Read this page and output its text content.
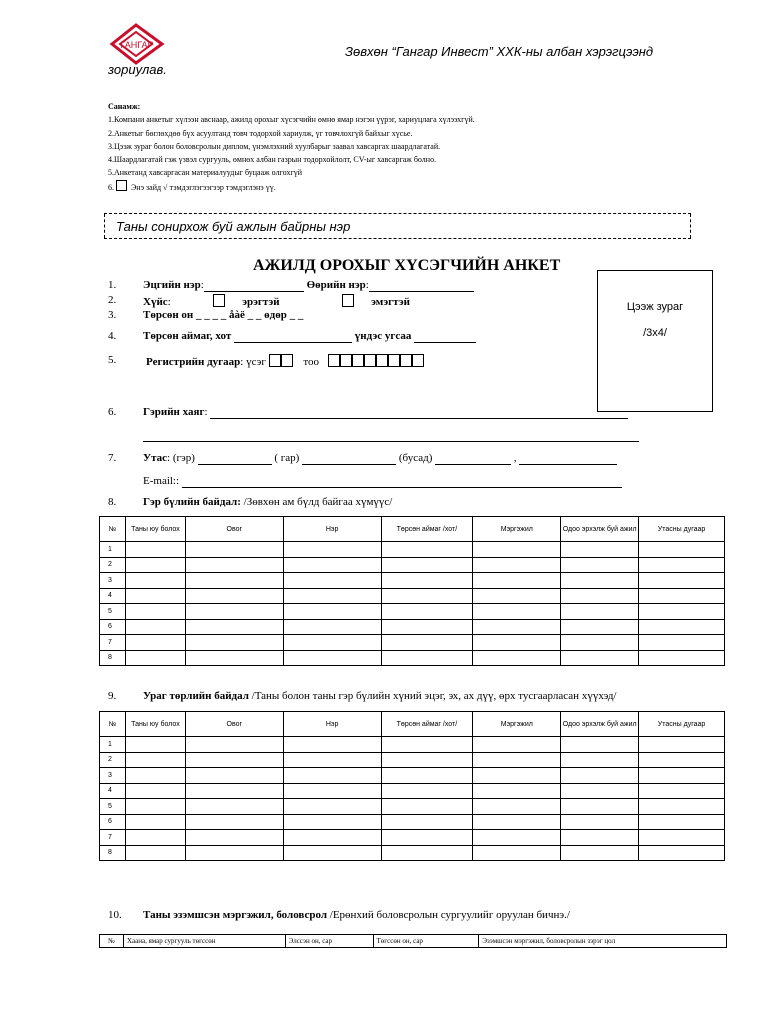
ГАНГАР	Зөвхөн “Гангар Инвест” ХХК-ны албан хэрэгцээнд
зориулав.
Санамж:
1.Компани анкетыг хүлээн авснаар, ажилд орохыг хүсэгчийн өмнө ямар нэгэн үүрэг, хариуцлага хүлээхгүй.
2.Анкетыг бөглөхдөө бүх асуултанд товч тодорхой хариулж, үг товчлохгүй байхыг хүсье.
3.Цээж зураг болон боловсролын диплом, үнэмлэхний хуулбарыг заавал хавсаргах шаардлагатай.
4.Шаардлагатай гэж үзвэл сургууль, өмнөх албан газрын тодорхойлолт, CV-ыг хавсаргаж болно.
5.Анкетанд хавсаргасан материалуудыг буцааж олгохгүй
6. Энэ зайд √ тэмдэглэгээгээр тэмдэглэнэ үү.
Таны сонирхож буй ажлын байрны нэр
АЖИЛД ОРОХЫГ ХҮСЭГЧИЙН АНКЕТ
Цээж зураг
/3x4/
1. Эцгийн нэр:	Өөрийн нэр:
2. Хүйс:	эрэгтэй	эмэгтэй
3. Төрсөн он _ _ _ _ åàë _ _ өдөр _ _
4. Төрсөн аймаг, хот	үндэс угсаа
5.	Регистрийн дугаар: үсэг	тоо
6. Гэрийн хаяг:
7. Утас: (гэр)	( гар)	(бусад)	,
E-mail::
8. Гэр бүлийн байдал: /Зөвхөн ам бүлд байгаа хүмүүс/
№	Таны юу болох	Овог	Нэр	Төрсөн аймаг /хот/	Мэргэжил	Одоо эрхэлж буй ажил	Утасны дугаар
1							
2							
3							
4							
5							
6							
7							
8							
9. Ураг төрлийн байдал /Таны болон таны гэр бүлийн хүний эцэг, эх, ах дүү, өрх тусгаарласан хүүхэд/
№	Таны юу болох	Овог	Нэр	Төрсөн аймаг /хот/	Мэргэжил	Одоо эрхэлж буй ажил	Утасны дугаар
1							
2							
3							
4							
5							
6							
7							
8							
10. Таны эзэмшсэн мэргэжил, боловсрол /Ерөнхий боловсролын сургуулийг оруулан бичнэ./
№	Хаана, ямар сургууль төгссөн	Элссэн он, сар	Төгссөн он, сар	Эзэмшсэн мэргэжил, боловсролын зэрэг цол
